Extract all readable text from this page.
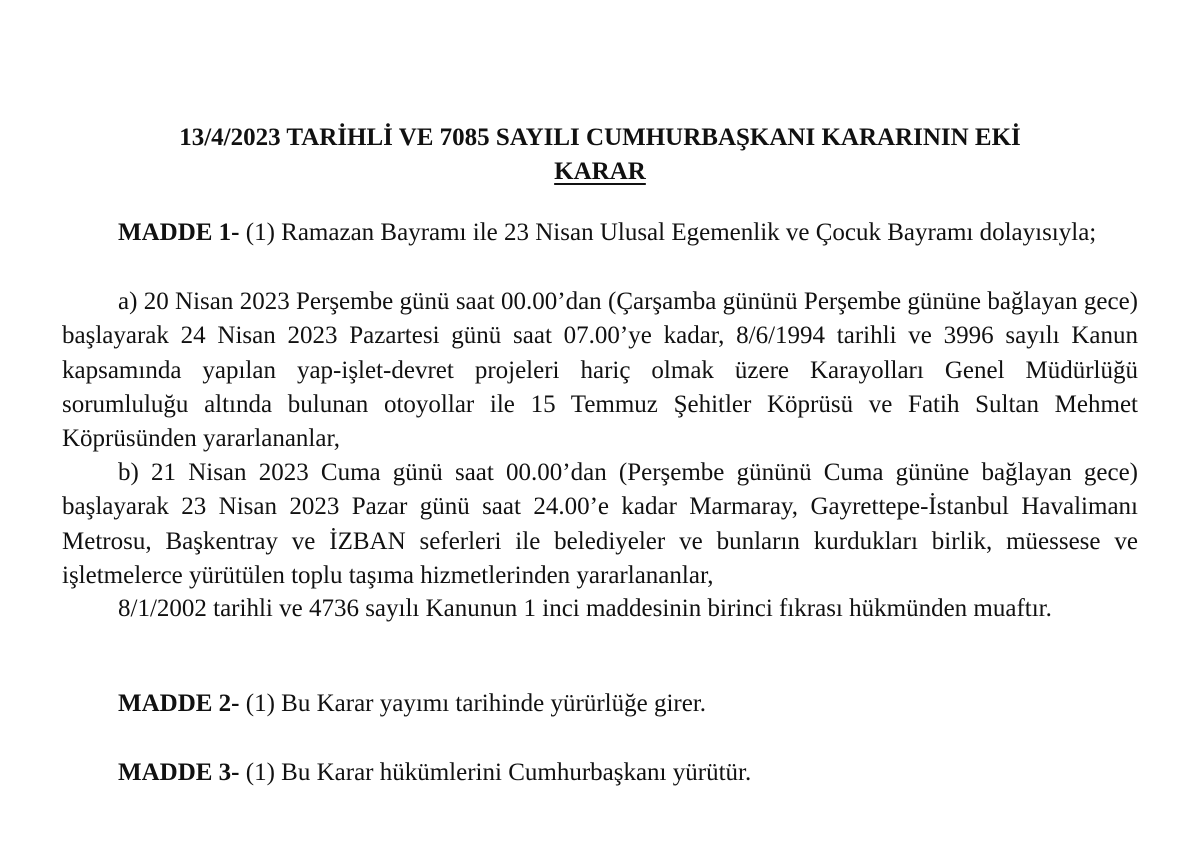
13/4/2023 TARİHLİ VE 7085 SAYILI CUMHURBAŞKANI KARARININ EKİ
KARAR

MADDE 1- (1) Ramazan Bayramı ile 23 Nisan Ulusal Egemenlik ve Çocuk Bayramı dolayısıyla;

a) 20 Nisan 2023 Perşembe günü saat 00.00’dan (Çarşamba gününü Perşembe gününe bağlayan gece) başlayarak 24 Nisan 2023 Pazartesi günü saat 07.00’ye kadar, 8/6/1994 tarihli ve 3996 sayılı Kanun kapsamında yapılan yap-işlet-devret projeleri hariç olmak üzere Karayolları Genel Müdürlüğü sorumluluğu altında bulunan otoyollar ile 15 Temmuz Şehitler Köprüsü ve Fatih Sultan Mehmet Köprüsünden yararlananlar,

b) 21 Nisan 2023 Cuma günü saat 00.00’dan (Perşembe gününü Cuma gününe bağlayan gece) başlayarak 23 Nisan 2023 Pazar günü saat 24.00’e kadar Marmaray, Gayrettepe-İstanbul Havalimanı Metrosu, Başkentray ve İZBAN seferleri ile belediyeler ve bunların kurdukları birlik, müessese ve işletmelerce yürütülen toplu taşıma hizmetlerinden yararlananlar,

8/1/2002 tarihli ve 4736 sayılı Kanunun 1 inci maddesinin birinci fıkrası hükmünden muaftır.

MADDE 2- (1) Bu Karar yayımı tarihinde yürürlüğe girer.

MADDE 3- (1) Bu Karar hükümlerini Cumhurbaşkanı yürütür.
